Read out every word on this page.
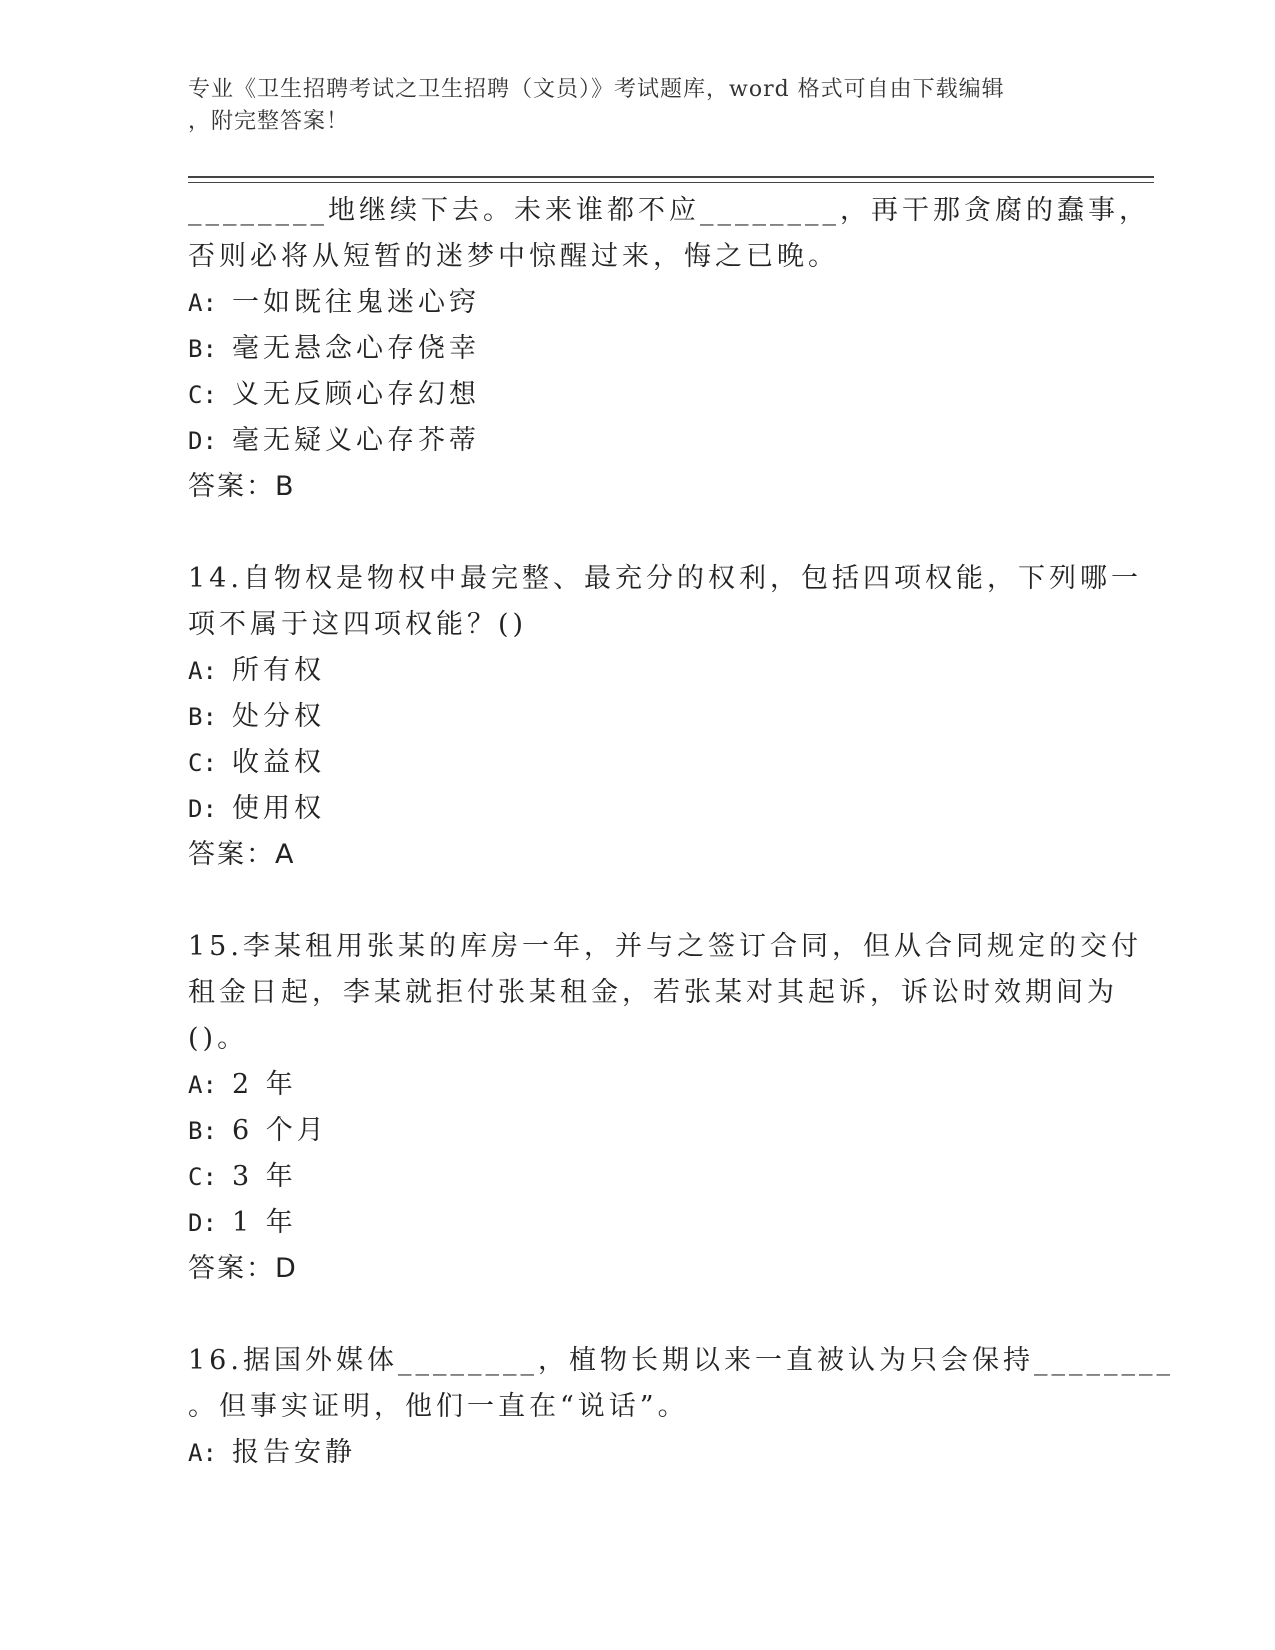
专业《卫生招聘考试之卫生招聘（文员）》考试题库，word 格式可自由下载编辑
，附完整答案！
________地继续下去。未来谁都不应________，再干那贪腐的蠢事，
否则必将从短暂的迷梦中惊醒过来，悔之已晚。
A: 一如既往鬼迷心窍
B: 毫无悬念心存侥幸
C: 义无反顾心存幻想
D: 毫无疑义心存芥蒂
答案：B
14.自物权是物权中最完整、最充分的权利，包括四项权能，下列哪一
项不属于这四项权能？()
A: 所有权
B: 处分权
C: 收益权
D: 使用权
答案：A
15.李某租用张某的库房一年，并与之签订合同，但从合同规定的交付
租金日起，李某就拒付张某租金，若张某对其起诉，诉讼时效期间为
()。
A: 2 年
B: 6 个月
C: 3 年
D: 1 年
答案：D
16.据国外媒体________，植物长期以来一直被认为只会保持________
。但事实证明，他们一直在“说话”。
A: 报告安静
